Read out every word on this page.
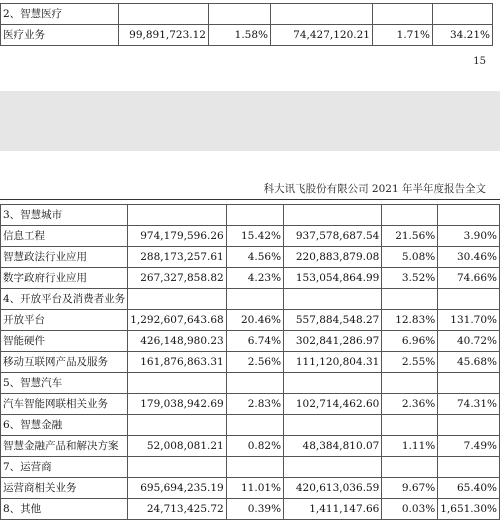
2、智慧医疗					
医疗业务	99,891,723.12	1.58%	74,427,120.21	1.71%	34.21%
15
科大讯飞股份有限公司 2021 年半年度报告全文
3、智慧城市					
信息工程	974,179,596.26	15.42%	937,578,687.54	21.56%	3.90%
智慧政法行业应用	288,173,257.61	4.56%	220,883,879.08	5.08%	30.46%
数字政府行业应用	267,327,858.82	4.23%	153,054,864.99	3.52%	74.66%
4、开放平台及消费者业务					
开放平台	1,292,607,643.68	20.46%	557,884,548.27	12.83%	131.70%
智能硬件	426,148,980.23	6.74%	302,841,286.97	6.96%	40.72%
移动互联网产品及服务	161,876,863.31	2.56%	111,120,804.31	2.55%	45.68%
5、智慧汽车					
汽车智能网联相关业务	179,038,942.69	2.83%	102,714,462.60	2.36%	74.31%
6、智慧金融					
智慧金融产品和解决方案	52,008,081.21	0.82%	48,384,810.07	1.11%	7.49%
7、运营商					
运营商相关业务	695,694,235.19	11.01%	420,613,036.59	9.67%	65.40%
8、其他	24,713,425.72	0.39%	1,411,147.66	0.03%	1,651.30%
